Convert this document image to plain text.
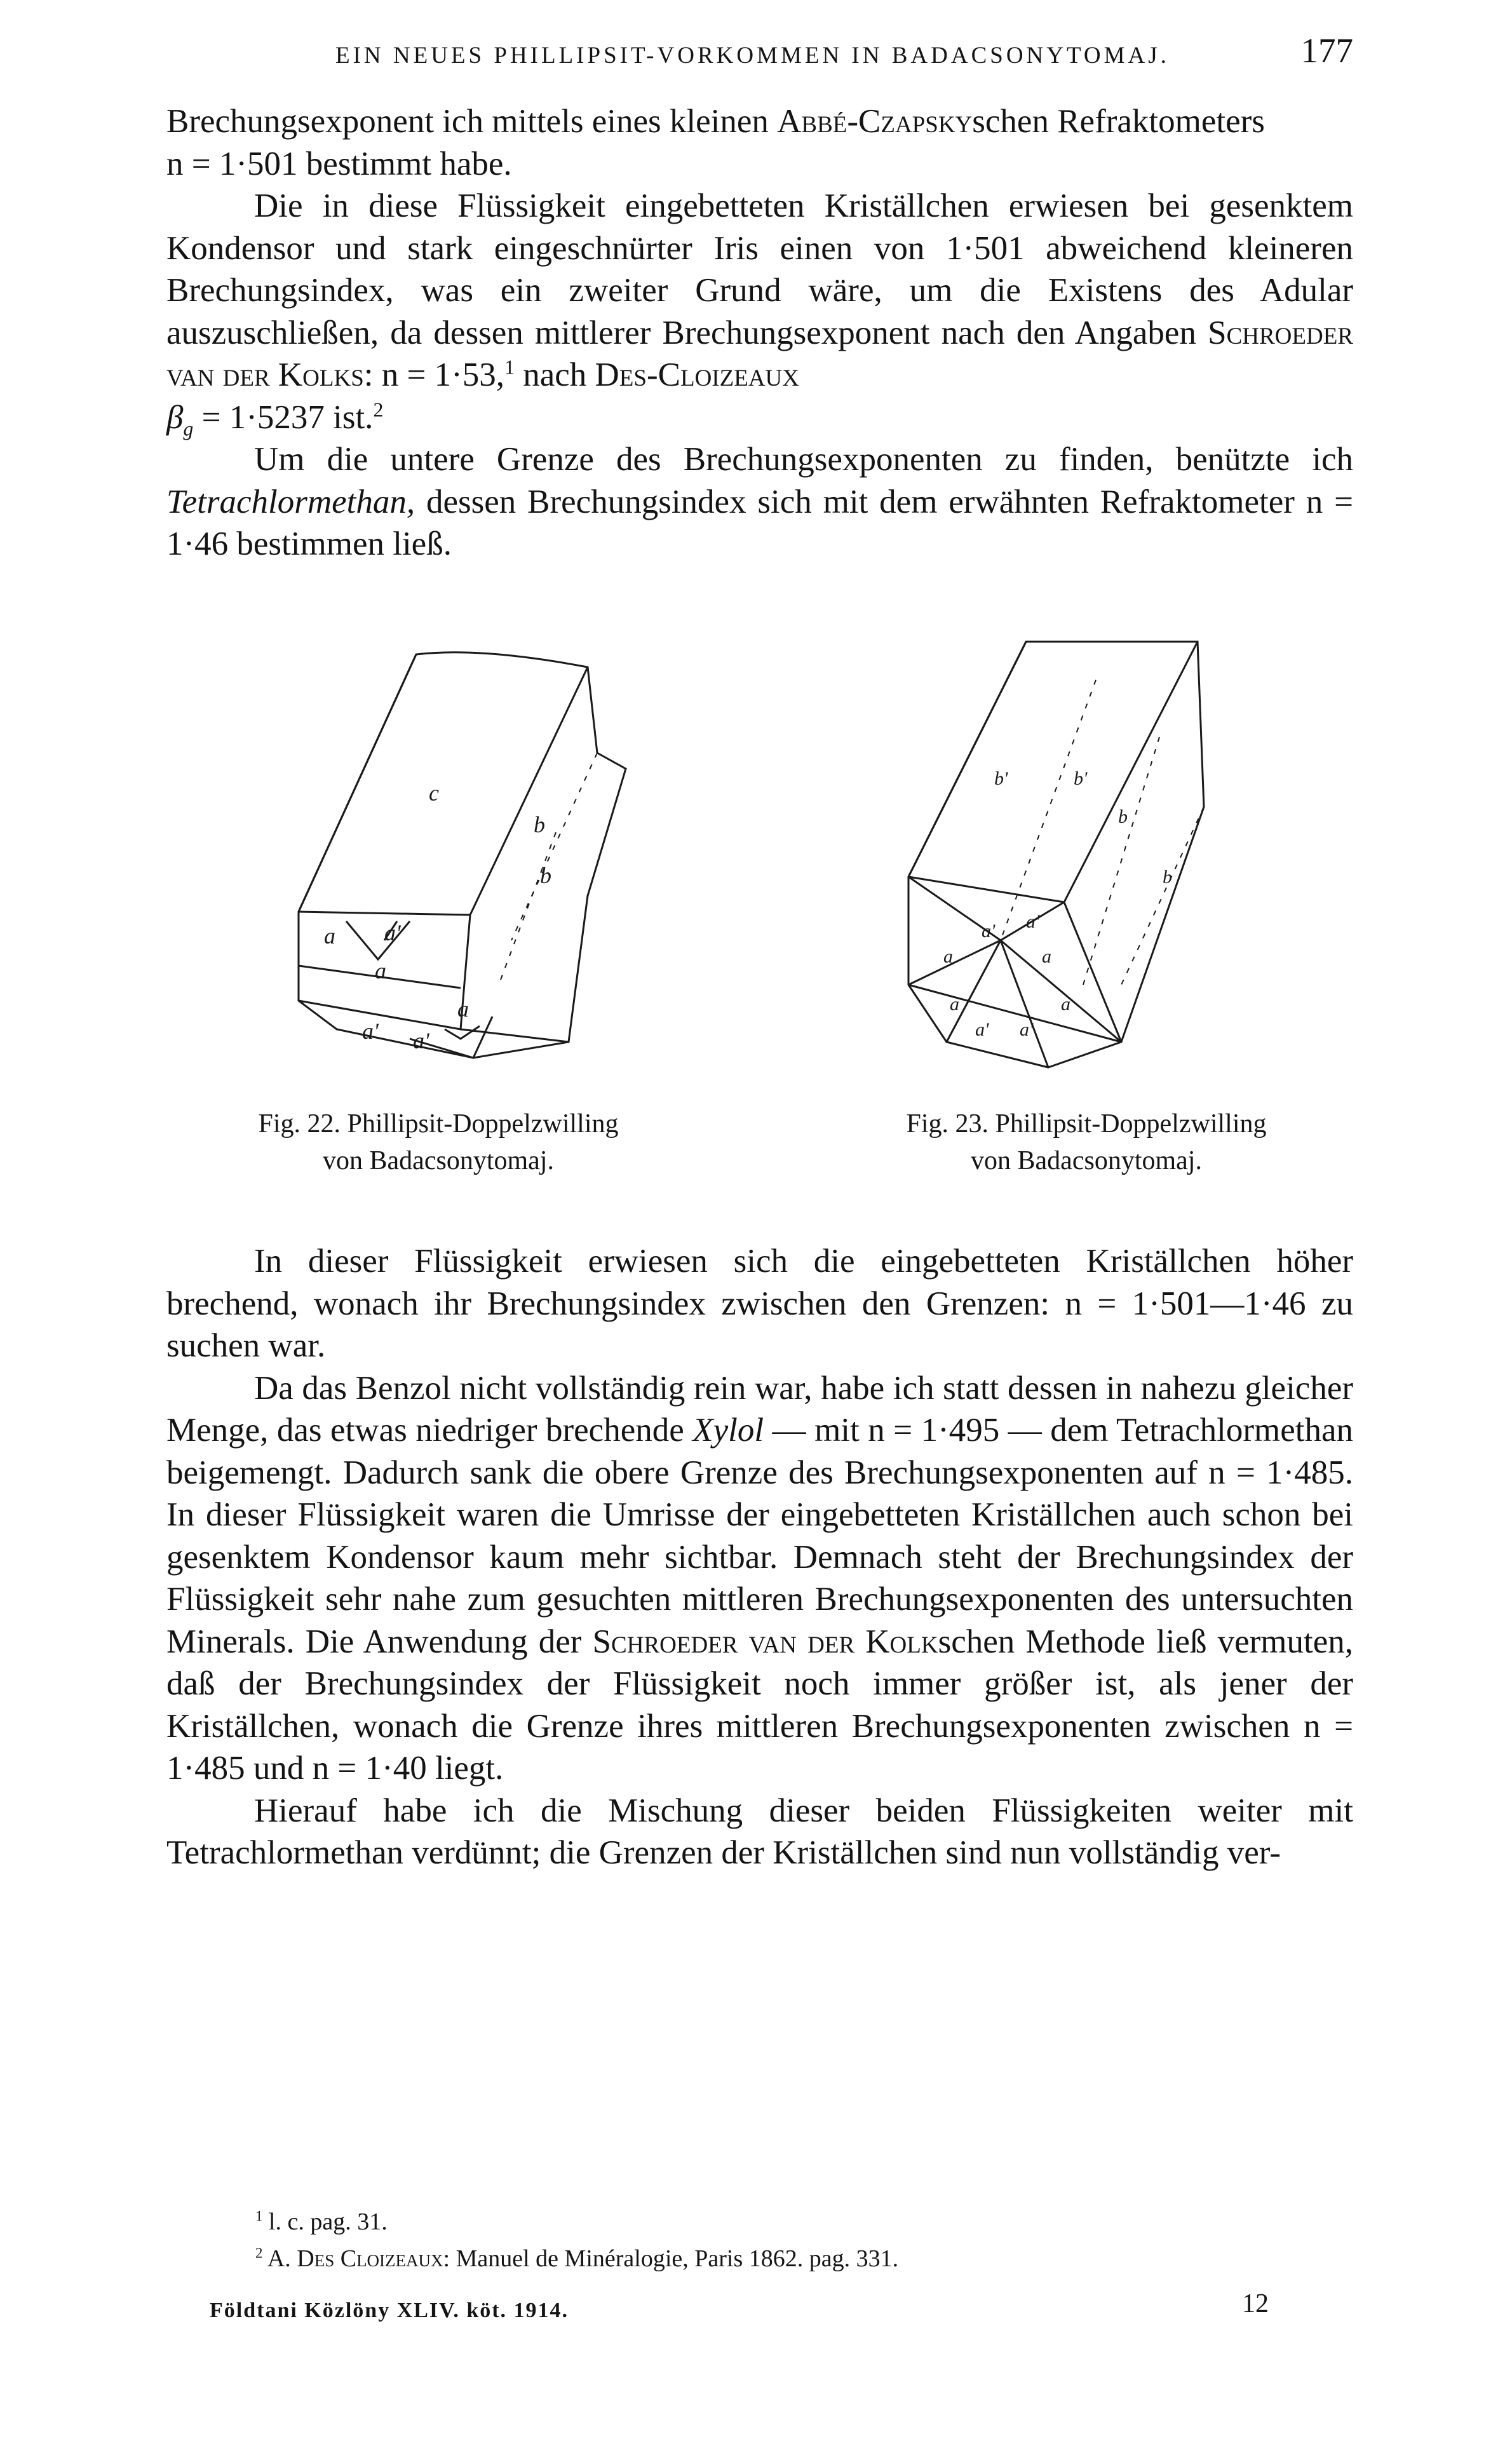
EIN NEUES PHILLIPSIT-VORKOMMEN IN BADACSONYTOMAJ.	177

Brechungsexponent ich mittels eines kleinen Abbé-Czapskyschen Refraktometers
n = 1·501 bestimmt habe.

Die in diese Flüssigkeit eingebetteten Kriställchen erwiesen bei gesenktem Kondensor und stark eingeschnürter Iris einen von 1·501 abweichend kleineren Brechungsindex, was ein zweiter Grund wäre, um die Existens des Adular auszuschließen, da dessen mittlerer Brechungsexponent nach den Angaben Schroeder van der Kolks: n = 1·53,$^1$ nach Des-Cloizeaux
$\beta_g = 1\cdot 5237$ ist.$^2$

Um die untere Grenze des Brechungsexponenten zu finden, benützte ich Tetrachlormethan, dessen Brechungsindex sich mit dem erwähnten Refraktometer n = 1·46 bestimmen ließ.

c
b
b
a a'
a
a
a' a'
b'	b'
b
b
a' a'
a	a
a	a
a' a'
Fig. 22. Phillipsit-Doppelzwilling
von Badacsonytomaj.
Fig. 23. Phillipsit-Doppelzwilling
von Badacsonytomaj.

In dieser Flüssigkeit erwiesen sich die eingebetteten Kriställchen höher brechend, wonach ihr Brechungsindex zwischen den Grenzen: n = 1·501—1·46 zu suchen war.

Da das Benzol nicht vollständig rein war, habe ich statt dessen in nahezu gleicher Menge, das etwas niedriger brechende Xylol — mit n = 1·495 — dem Tetrachlormethan beigemengt. Dadurch sank die obere Grenze des Brechungsexponenten auf n = 1·485. In dieser Flüssigkeit waren die Umrisse der eingebetteten Kriställchen auch schon bei gesenktem Kondensor kaum mehr sichtbar. Demnach steht der Brechungsindex der Flüssigkeit sehr nahe zum gesuchten mittleren Brechungsexponenten des untersuchten Minerals. Die Anwendung der Schroeder van der Kolkschen Methode ließ vermuten, daß der Brechungsindex der Flüssigkeit noch immer größer ist, als jener der Kriställchen, wonach die Grenze ihres mittleren Brechungsexponenten zwischen n = 1·485 und n = 1·40 liegt.

Hierauf habe ich die Mischung dieser beiden Flüssigkeiten weiter mit Tetrachlormethan verdünnt; die Grenzen der Kriställchen sind nun vollständig ver-

$^1$ l. c. pag. 31.

$^2$ A. Des Cloizeaux: Manuel de Minéralogie, Paris 1862. pag. 331.

Földtani Közlöny XLIV. köt. 1914.	12
